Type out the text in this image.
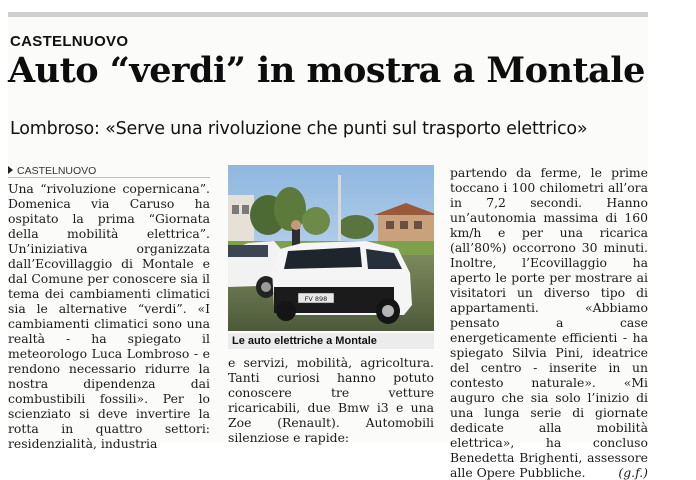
CASTELNUOVO
Auto “verdi” in mostra a Montale
Lombroso: «Serve una rivoluzione che punti sul trasporto elettrico»
CASTELNUOVO
Una “rivoluzione copernicana”. Domenica via Caruso ha ospitato la prima “Giornata della mobilità elettrica”. Un’iniziativa organizzata dall’Ecovillaggio di Montale e dal Comune per conoscere sia il tema dei cambiamenti climatici sia le alternative “verdi”. «I cambiamenti climatici sono una realtà - ha spiegato il meteorologo Luca Lombroso - e rendono necessario ridurre la nostra dipendenza dai combustibili fossili». Per lo scienziato si deve invertire la rotta in quattro settori: residenzialità, industria
FV 898
Le auto elettriche a Montale
e servizi, mobilità, agricoltura. Tanti curiosi hanno potuto conoscere tre vetture ricaricabili, due Bmw i3 e una Zoe (Renault). Automobili silenziose e rapide:
partendo da ferme, le prime toccano i 100 chilometri all’ora in 7,2 secondi. Hanno un’autonomia massima di 160 km/h e per una ricarica (all’80%) occorrono 30 minuti. Inoltre, l’Ecovillaggio ha aperto le porte per mostrare ai visitatori un diverso tipo di appartamenti. «Abbiamo pensato a case energeticamente efficienti - ha spiegato Silvia Pini, ideatrice del centro - inserite in un contesto naturale». «Mi auguro che sia solo l’inizio di una lunga serie di giornate dedicate alla mobilità elettrica», ha concluso Benedetta Brighenti, assessore alle Opere Pubbliche.	(g.f.)
